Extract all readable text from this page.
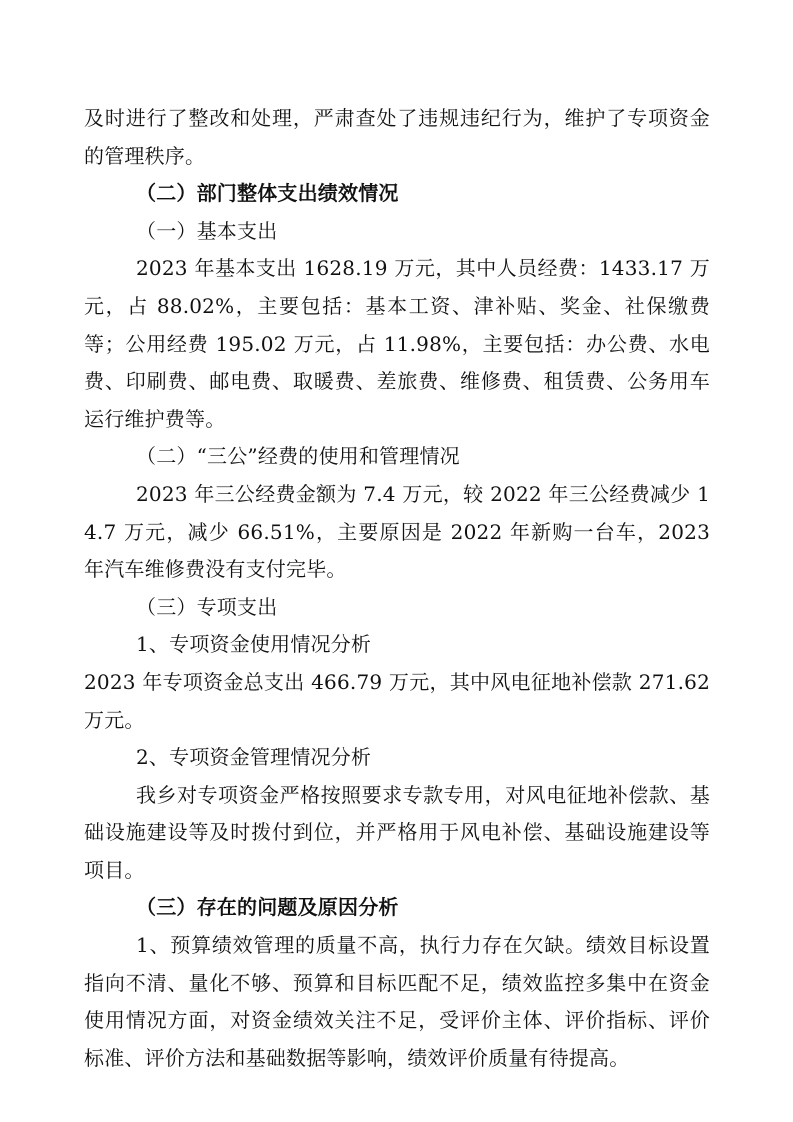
及时进行了整改和处理，严肃查处了违规违纪行为，维护了专项资金的管理秩序。

（二）部门整体支出绩效情况

（一）基本支出

2023 年基本支出 1628.19 万元，其中人员经费：1433.17 万元，占 88.02%，主要包括：基本工资、津补贴、奖金、社保缴费等；公用经费 195.02 万元，占 11.98%，主要包括：办公费、水电费、印刷费、邮电费、取暖费、差旅费、维修费、租赁费、公务用车运行维护费等。

（二）“三公”经费的使用和管理情况

2023 年三公经费金额为 7.4 万元，较 2022 年三公经费减少 14.7 万元，减少 66.51%，主要原因是 2022 年新购一台车，2023 年汽车维修费没有支付完毕。

（三）专项支出

1、专项资金使用情况分析

2023 年专项资金总支出 466.79 万元，其中风电征地补偿款 271.62 万元。

2、专项资金管理情况分析

我乡对专项资金严格按照要求专款专用，对风电征地补偿款、基础设施建设等及时拨付到位，并严格用于风电补偿、基础设施建设等项目。

（三）存在的问题及原因分析

1、预算绩效管理的质量不高，执行力存在欠缺。绩效目标设置指向不清、量化不够、预算和目标匹配不足，绩效监控多集中在资金使用情况方面，对资金绩效关注不足，受评价主体、评价指标、评价标准、评价方法和基础数据等影响，绩效评价质量有待提高。
